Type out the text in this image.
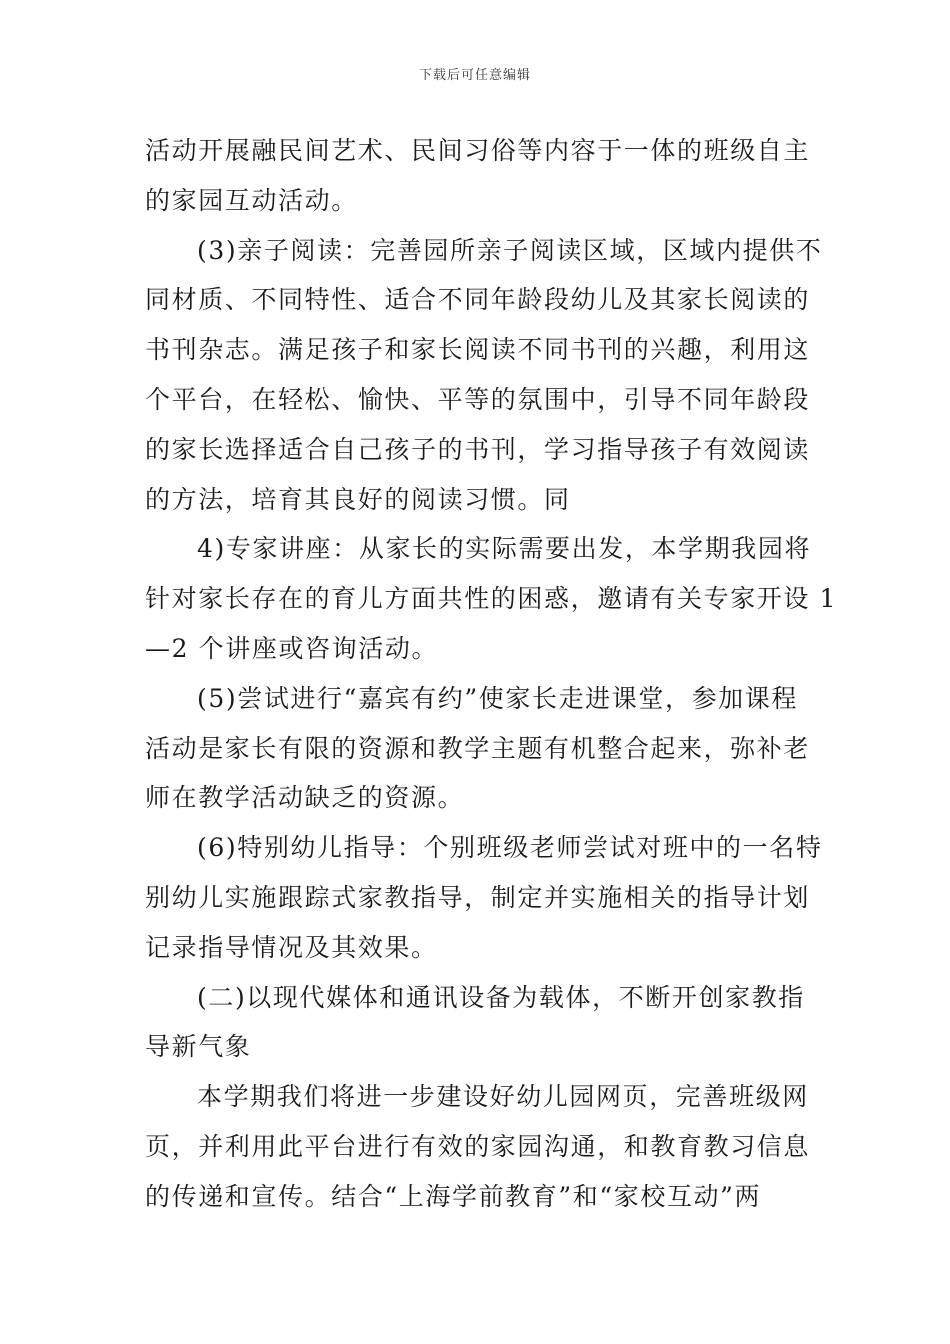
下载后可任意编辑
活动开展融民间艺术、民间习俗等内容于一体的班级自主
的家园互动活动。
(3)亲子阅读：完善园所亲子阅读区域，区域内提供不
同材质、不同特性、适合不同年龄段幼儿及其家长阅读的
书刊杂志。满足孩子和家长阅读不同书刊的兴趣，利用这
个平台，在轻松、愉快、平等的氛围中，引导不同年龄段
的家长选择适合自己孩子的书刊，学习指导孩子有效阅读
的方法，培育其良好的阅读习惯。同
4)专家讲座：从家长的实际需要出发，本学期我园将
针对家长存在的育儿方面共性的困惑，邀请有关专家开设 1
—2 个讲座或咨询活动。
(5)尝试进行“嘉宾有约”使家长走进课堂，参加课程
活动是家长有限的资源和教学主题有机整合起来，弥补老
师在教学活动缺乏的资源。
(6)特别幼儿指导：个别班级老师尝试对班中的一名特
别幼儿实施跟踪式家教指导，制定并实施相关的指导计划
记录指导情况及其效果。
(二)以现代媒体和通讯设备为载体，不断开创家教指
导新气象
本学期我们将进一步建设好幼儿园网页，完善班级网
页，并利用此平台进行有效的家园沟通，和教育教习信息
的传递和宣传。结合“上海学前教育”和“家校互动”两
